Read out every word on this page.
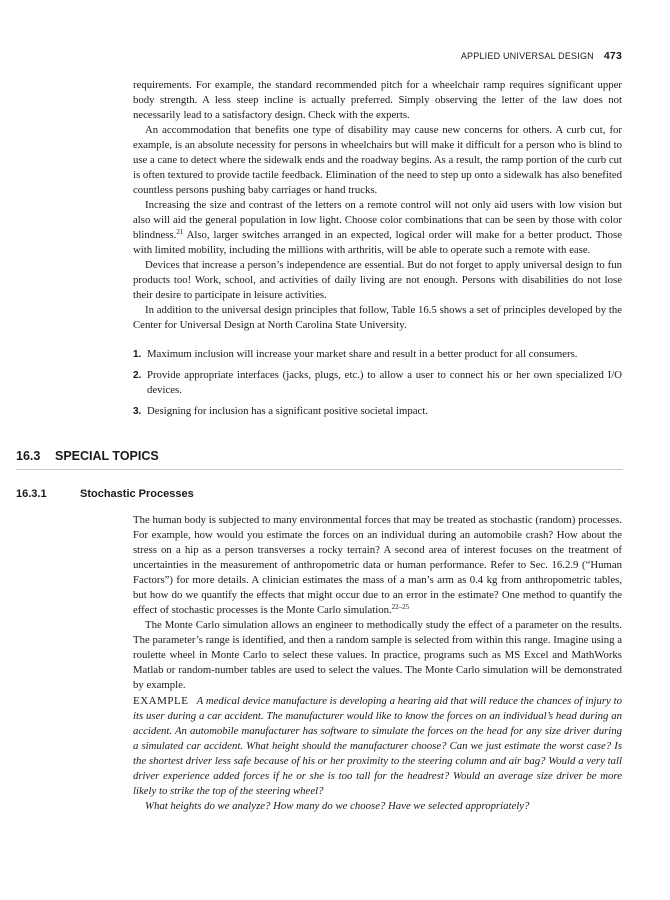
APPLIED UNIVERSAL DESIGN 473

requirements. For example, the standard recommended pitch for a wheelchair ramp requires significant upper body strength. A less steep incline is actually preferred. Simply observing the letter of the law does not necessarily lead to a satisfactory design. Check with the experts.

An accommodation that benefits one type of disability may cause new concerns for others. A curb cut, for example, is an absolute necessity for persons in wheelchairs but will make it difficult for a person who is blind to use a cane to detect where the sidewalk ends and the roadway begins. As a result, the ramp portion of the curb cut is often textured to provide tactile feedback. Elimination of the need to step up onto a sidewalk has also benefited countless persons pushing baby carriages or hand trucks.

Increasing the size and contrast of the letters on a remote control will not only aid users with low vision but also will aid the general population in low light. Choose color combinations that can be seen by those with color blindness.$^{21}$ Also, larger switches arranged in an expected, logical order will make for a better product. Those with limited mobility, including the millions with arthritis, will be able to operate such a remote with ease.

Devices that increase a person’s independence are essential. But do not forget to apply universal design to fun products too! Work, school, and activities of daily living are not enough. Persons with disabilities do not lose their desire to participate in leisure activities.

In addition to the universal design principles that follow, Table 16.5 shows a set of principles developed by the Center for Universal Design at North Carolina State University.

1. Maximum inclusion will increase your market share and result in a better product for all consumers.
2. Provide appropriate interfaces (jacks, plugs, etc.) to allow a user to connect his or her own specialized I/O devices.
3. Designing for inclusion has a significant positive societal impact.
16.3 SPECIAL TOPICS
16.3.1	Stochastic Processes

The human body is subjected to many environmental forces that may be treated as stochastic (random) processes. For example, how would you estimate the forces on an individual during an automobile crash? How about the stress on a hip as a person transverses a rocky terrain? A second area of interest focuses on the treatment of uncertainties in the measurement of anthropometric data or human performance. Refer to Sec. 16.2.9 (“Human Factors”) for more details. A clinician estimates the mass of a man’s arm as 0.4 kg from anthropometric tables, but how do we quantify the effects that might occur due to an error in the estimate? One method to quantify the effect of stochastic processes is the Monte Carlo simulation.$^{22-25}$

The Monte Carlo simulation allows an engineer to methodically study the effect of a parameter on the results. The parameter’s range is identified, and then a random sample is selected from within this range. Imagine using a roulette wheel in Monte Carlo to select these values. In practice, programs such as MS Excel and MathWorks Matlab or random-number tables are used to select the values. The Monte Carlo simulation will be demonstrated by example.

EXAMPLE A medical device manufacture is developing a hearing aid that will reduce the chances of injury to its user during a car accident. The manufacturer would like to know the forces on an individual’s head during an accident. An automobile manufacturer has software to simulate the forces on the head for any size driver during a simulated car accident. What height should the manufacturer choose? Can we just estimate the worst case? Is the shortest driver less safe because of his or her proximity to the steering column and air bag? Would a very tall driver experience added forces if he or she is too tall for the headrest? Would an average size driver be more likely to strike the top of the steering wheel?

What heights do we analyze? How many do we choose? Have we selected appropriately?
